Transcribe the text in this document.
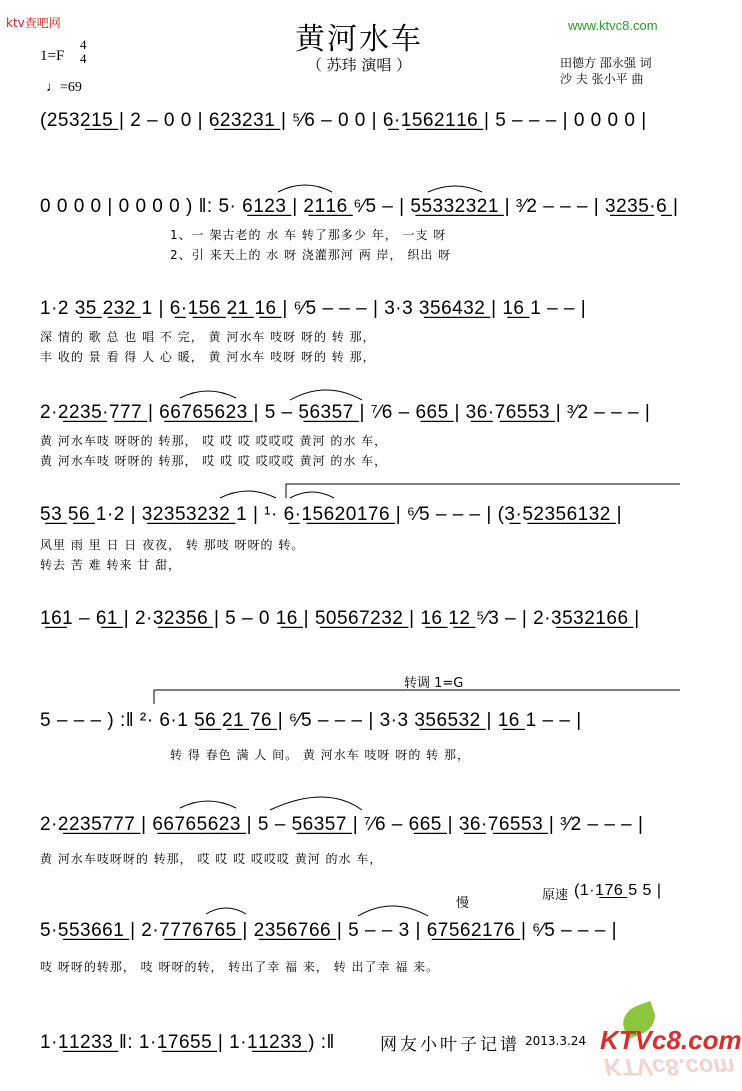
ktv查吧网	www.ktvc8.com
黄河水车
（ 苏玮 演唱 ）
1=F
4
4
♩=69
田德方 邵永强 词
沙 夫 张小平 曲
(2532̲1̲5̲ | 2 – 0 0 | 6̲2̲3̲2̲3̲1̲ | ⁵⁄6 – 0 0 | 6̲·1̲5̲6̲2̲1̲1̲6̲ | 5 – – – | 0 0 0 0 |
0 0 0 0 | 0 0 0 0 ) ‖: 5· 6̲1̲2̲3̲ | 2̲1̲1̲6̲ ⁶⁄5 – | 5̲5̲3̲3̲2̲3̲2̲1̲ | ³⁄2 – – – | 3̲2̲3̲5̲·6̲ |
1、一 架古老的 水 车 转了那多少 年， 一支 呀
2、引 来天上的 水 呀 浇灌那河 两 岸， 织出 呀
1·2 3̲5̲ 2̲3̲2̲ 1 | 6̲·1̲5̲6̲ 2̲1̲ 1̲6̲ | ⁶⁄5 – – – | 3·3 3̲5̲6̲4̲3̲2̲ | 1̲6̲ 1 – – |
深 情的 歌 总 也 唱 不 完， 黄 河水车 吱呀 呀的 转 那，
丰 收的 景 看 得 人 心 暖， 黄 河水车 吱呀 呀的 转 那，
2·2̲2̲3̲5̲·7̲7̲7̲ | 6̲6̲7̲6̲5̲6̲2̲3̲ | 5 – 5̲6̲3̲5̲7̲ | ⁷⁄6 – 6̲6̲5̲ | 3̲6̲·7̲6̲5̲5̲3̲ | ³⁄2 – – – |
黄 河水车吱 呀呀的 转那， 哎 哎 哎 哎哎哎 黄河 的水 车，
黄 河水车吱 呀呀的 转那， 哎 哎 哎 哎哎哎 黄河 的水 车，
5̲3̲ 5̲6̲ 1·2 | 3̲2̲3̲5̲3̲2̲3̲2̲ 1 | ¹· 6̲·1̲5̲6̲2̲0̲1̲7̲6̲ | ⁶⁄5 – – – | (3̲·5̲2̲3̲5̲6̲1̲3̲2̲ |
风里 雨 里 日 日 夜夜， 转 那吱 呀呀的 转。
转去 苦 难 转来 甘 甜，
1̲6̲1 – 6̲1̲ | 2·3̲2̲3̲5̲6̲ | 5 – 0 1̲6̲ | 5̲0̲5̲6̲7̲2̲3̲2̲ | 1̲6̲ 1̲2̲ ⁵⁄3 – | 2·3̲5̲3̲2̲1̲6̲6̲ |
转调 1=G
5 – – – ) :‖ ²· 6·1 5̲6̲ 2̲1̲ 7̲6̲ | ⁶⁄5 – – – | 3·3 3̲5̲6̲5̲3̲2̲ | 1̲6̲ 1 – – |
转 得 春色 满 人 间。 黄 河水车 吱呀 呀的 转 那，
2·2̲2̲3̲5̲7̲7̲7̲ | 6̲6̲7̲6̲5̲6̲2̲3̲ | 5 – 5̲6̲3̲5̲7̲ | ⁷⁄6 – 6̲6̲5̲ | 3̲6̲·7̲6̲5̲5̲3̲ | ³⁄2 – – – |
黄 河水车吱呀呀的 转那， 哎 哎 哎 哎哎哎 黄河 的水 车，
慢
原速 (1·1̲7̲6̲ 5 5 |
5·5̲5̲3̲6̲6̲1̲ | 2·7̲7̲7̲6̲7̲6̲5̲ | 2̲3̲5̲6̲7̲6̲6̲ | 5 – – 3 | 6̲7̲5̲6̲2̲1̲7̲6̲ | ⁶⁄5 – – – |
吱 呀呀的转那， 吱 呀呀的转， 转出了幸 福 来， 转 出了幸 福 来。
1·1̲1̲2̲3̲3̲ ‖: 1·1̲7̲6̲5̲5̲ | 1·1̲1̲2̲3̲3̲ ) :‖	网友小叶子记谱 2013.3.24 KTVc8.com
KTVc8.com
